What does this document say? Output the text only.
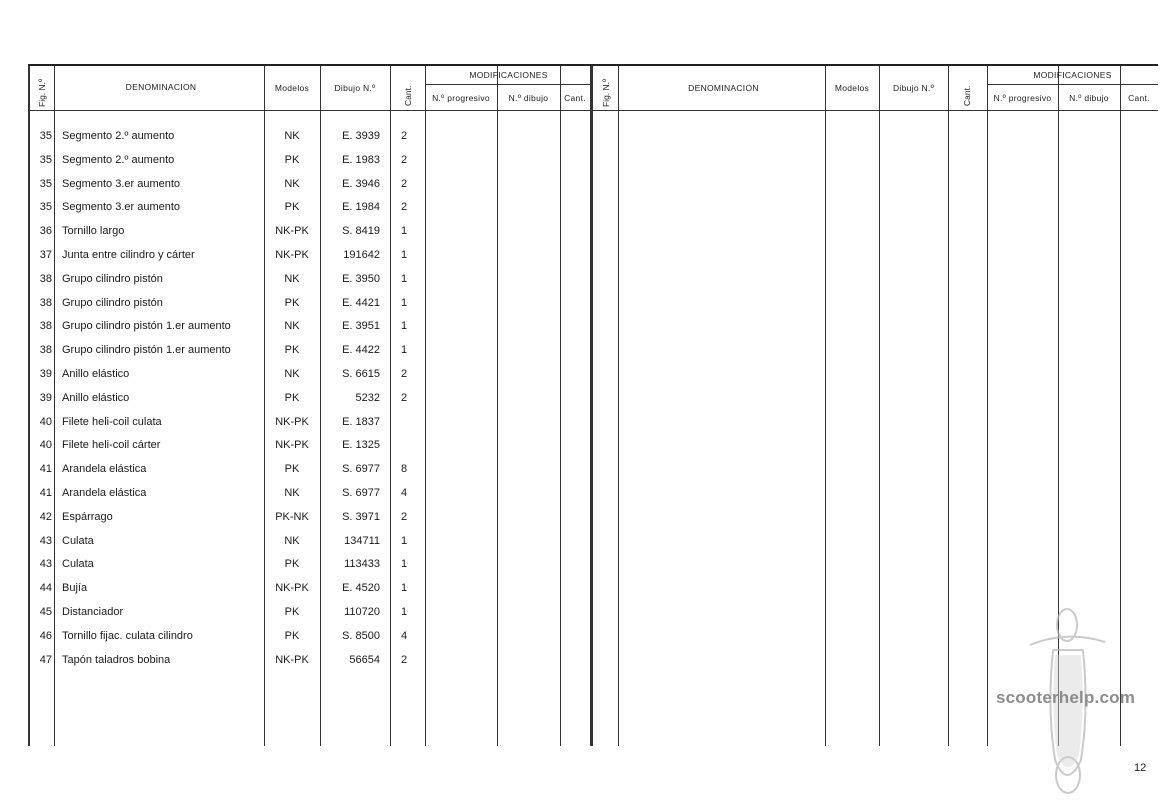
Fig. N.º	DENOMINACION	Modelos	Dibujo N.º	Cant.
MODIFICACIONES
N.º progresivo	N.º dibujo	Cant.
35 Segmento 2.º aumento	NK	E. 3939	2
35 Segmento 2.º aumento	PK	E. 1983	2
35 Segmento 3.er aumento	NK	E. 3946	2
35 Segmento 3.er aumento	PK	E. 1984	2
36 Tornillo largo	NK-PK	S. 8419	1
37 Junta entre cilindro y cárter	NK-PK	191642	1
38 Grupo cilindro pistón	NK	E. 3950	1
38 Grupo cilindro pistón	PK	E. 4421	1
38 Grupo cilindro pistón 1.er aumento	NK	E. 3951	1
38 Grupo cilindro pistón 1.er aumento	PK	E. 4422	1
39 Anillo elástico	NK	S. 6615	2
39 Anillo elástico	PK	5232	2
40 Filete heli-coil culata	NK-PK	E. 1837
40 Filete heli-coil cárter	NK-PK	E. 1325
41 Arandela elástica	PK	S. 6977	8
41 Arandela elástica	NK	S. 6977	4
42 Espárrago	PK-NK	S. 3971	2
43 Culata	NK	134711	1
43 Culata	PK	113433	1
44 Bujía	NK-PK	E. 4520	1
45 Distanciador	PK	110720	1
46 Tornillo fijac. culata cilindro	PK	S. 8500	4
47 Tapón taladros bobina	NK-PK	56654	2
Fig. N.º	DENOMINACION	Modelos	Dibujo N.º	Cant.
MODIFICACIONES
N.º progresivo	N.º dibujo	Cant.
scooterhelp.com
12
